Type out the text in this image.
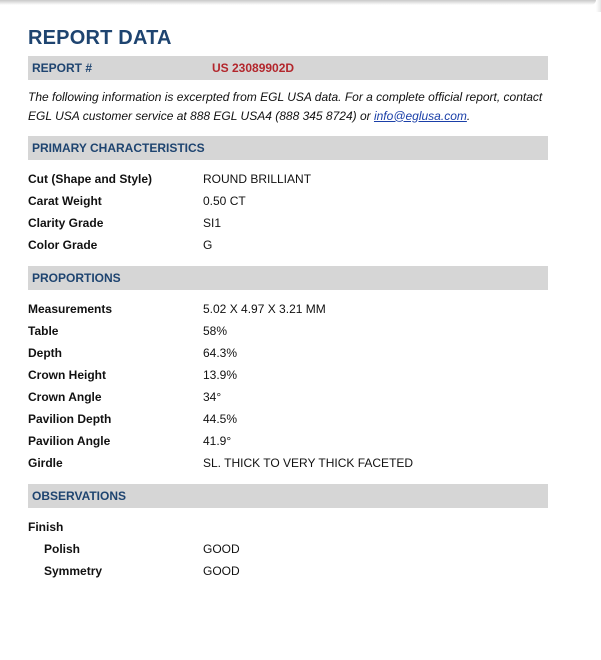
REPORT DATA
REPORT #	US 23089902D
The following information is excerpted from EGL USA data. For a complete official report, contact EGL USA customer service at 888 EGL USA4 (888 345 8724) or info@eglusa.com.
PRIMARY CHARACTERISTICS
Cut (Shape and Style)	ROUND BRILLIANT
Carat Weight	0.50 CT
Clarity Grade	SI1
Color Grade	G
PROPORTIONS
Measurements	5.02 X 4.97 X 3.21 MM
Table	58%
Depth	64.3%
Crown Height	13.9%
Crown Angle	34°
Pavilion Depth	44.5%
Pavilion Angle	41.9°
Girdle	SL. THICK TO VERY THICK FACETED
OBSERVATIONS
Finish
Polish	GOOD
Symmetry	GOOD
